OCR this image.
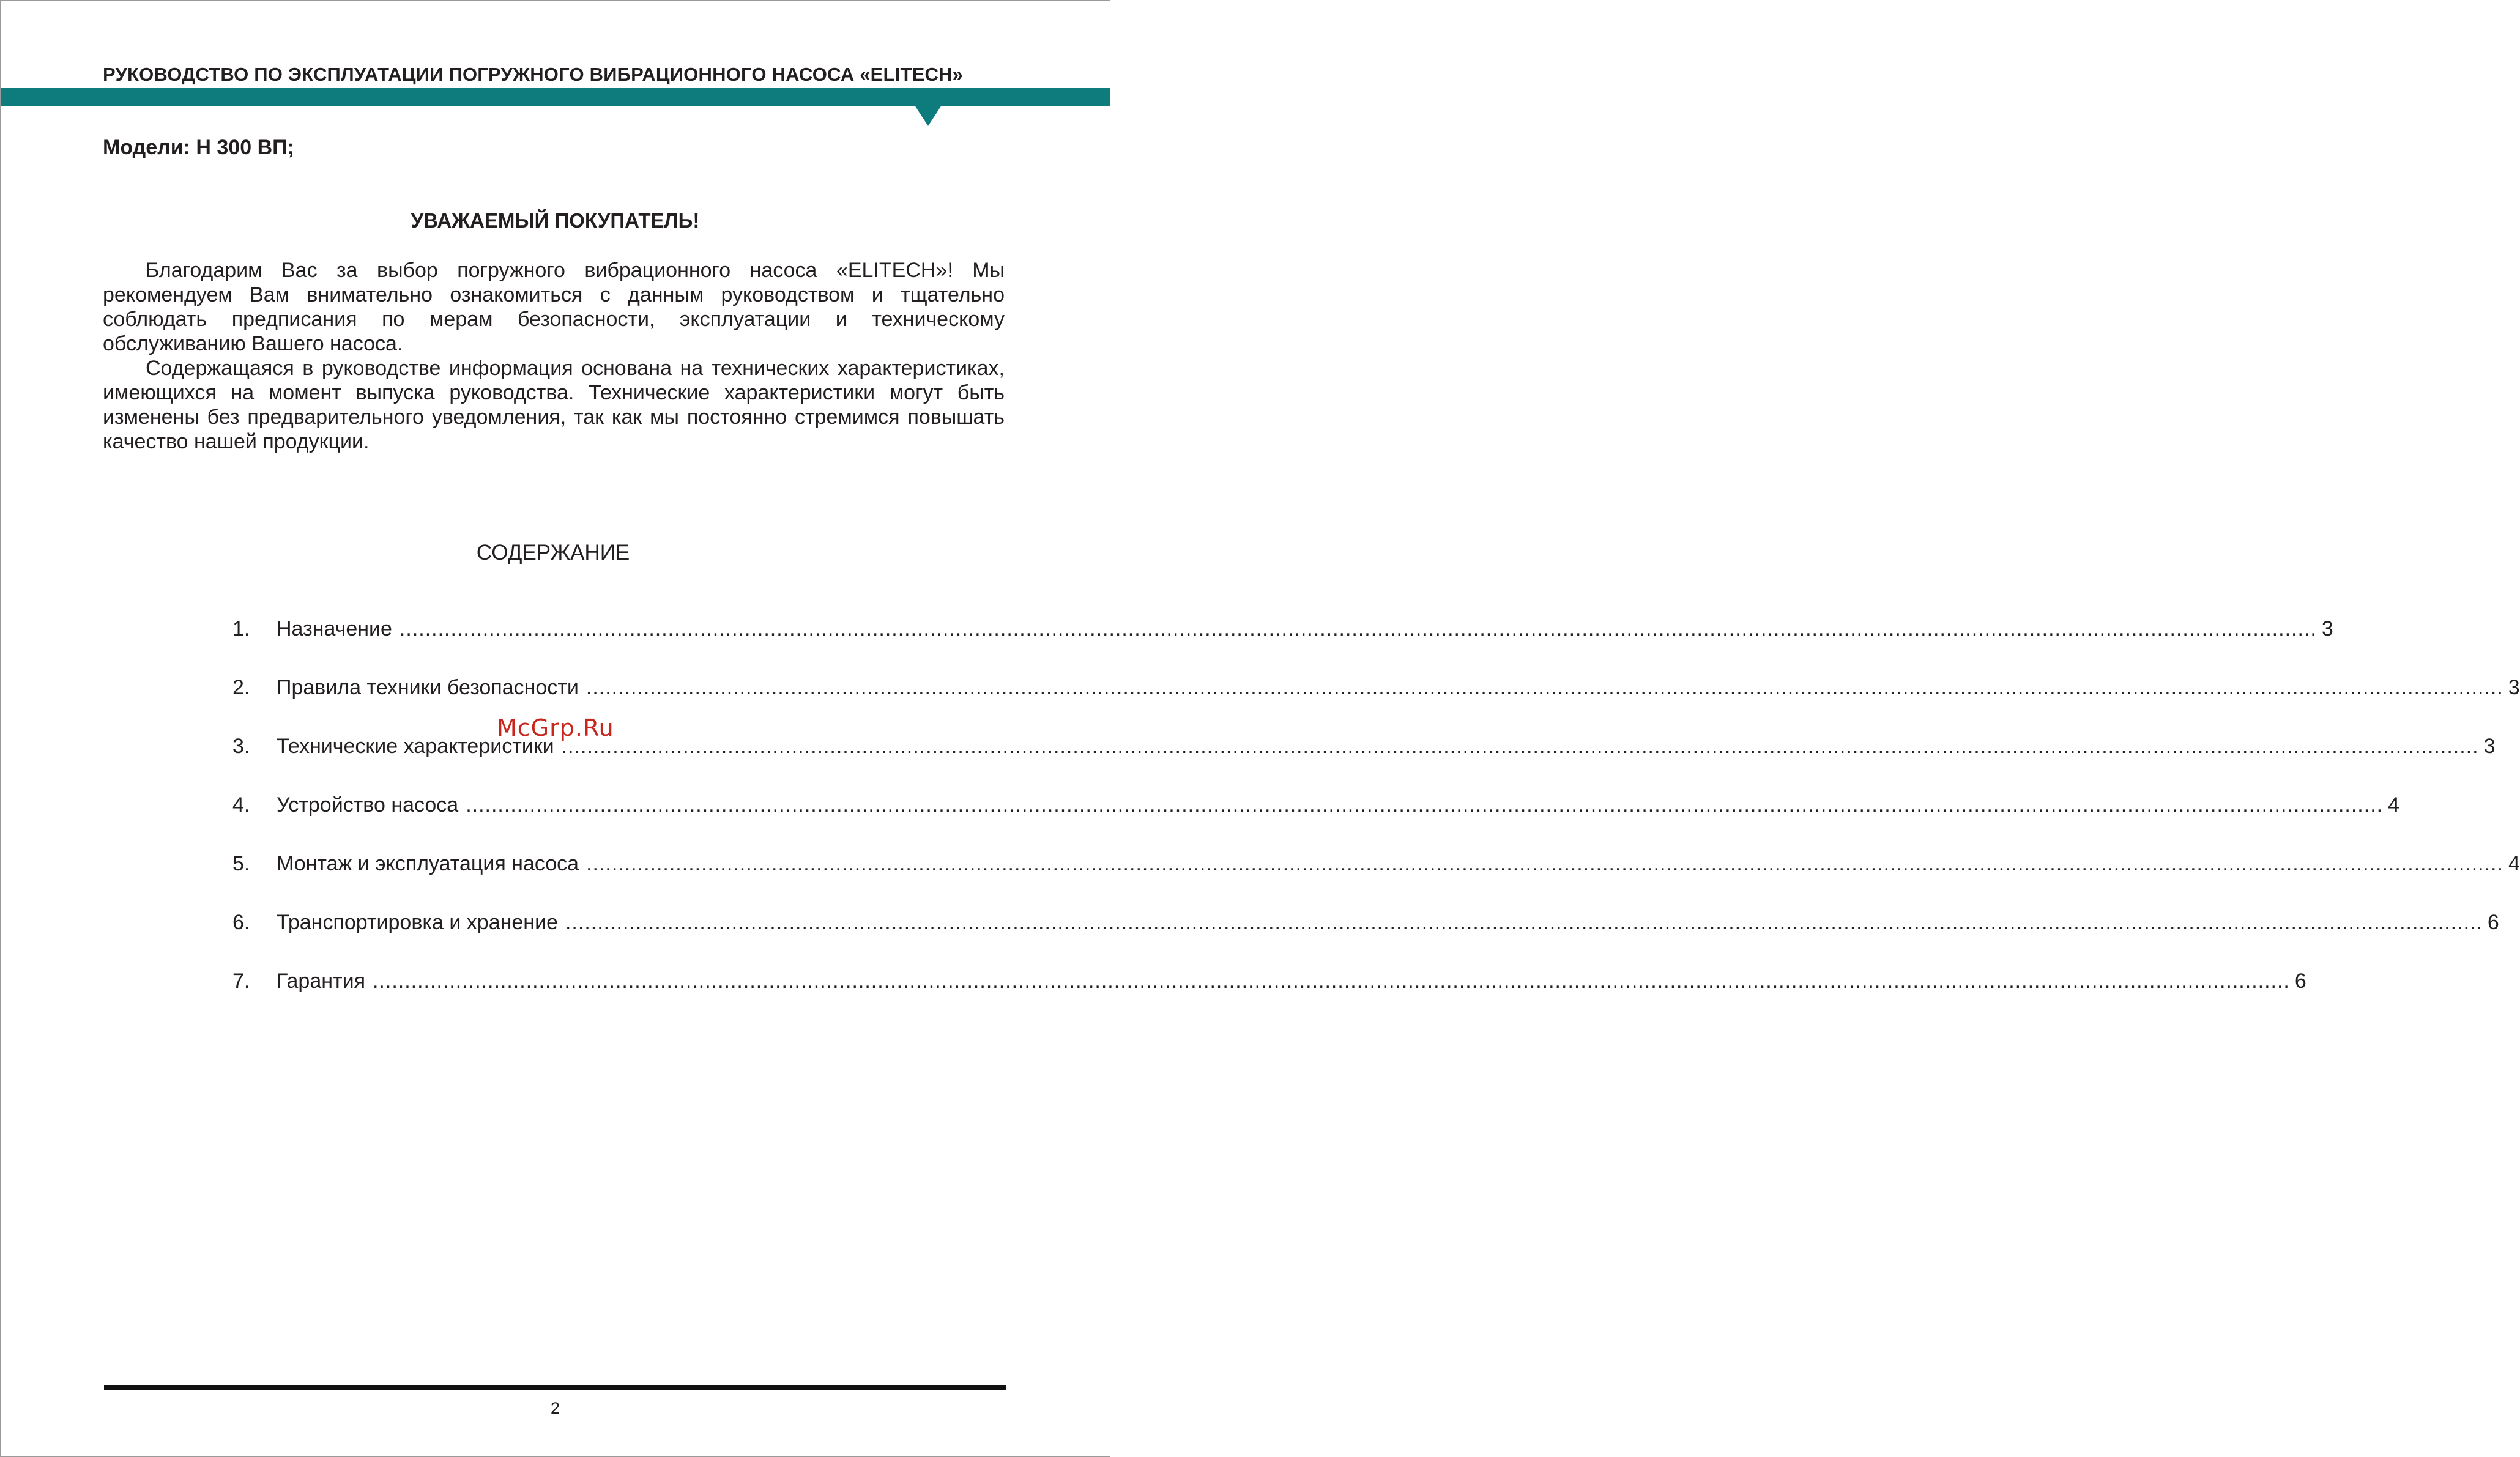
РУКОВОДСТВО ПО ЭКСПЛУАТАЦИИ ПОГРУЖНОГО ВИБРАЦИОННОГО НАСОСА «ELITECH»
Модели: Н 300 ВП;
УВАЖАЕМЫЙ ПОКУПАТЕЛЬ!

Благодарим Вас за выбор погружного вибрационного насоса «ELITECH»! Мы рекомендуем Вам внимательно ознакомиться с данным руководством и тщательно соблюдать предписания по мерам безопасности, эксплуатации и техническому обслуживанию Вашего насоса.

Содержащаяся в руководстве информация основана на технических характеристиках, имеющихся на момент выпуска руководства. Технические характеристики могут быть изменены без предварительного уведомления, так как мы постоянно стремимся повышать качество нашей продукции.

СОДЕРЖАНИЕ
1.	Назначение ............................................................................................................................................................................................................................................................................................................ 3
2.	Правила техники безопасности ............................................................................................................................................................................................................................................................................................................ 3
3.	Технические характеристики ............................................................................................................................................................................................................................................................................................................ 3
4.	Устройство насоса ............................................................................................................................................................................................................................................................................................................ 4
5.	Монтаж и эксплуатация насоса ............................................................................................................................................................................................................................................................................................................ 4
6.	Транспортировка и хранение ............................................................................................................................................................................................................................................................................................................ 6
7.	Гарантия ............................................................................................................................................................................................................................................................................................................ 6
McGrp.Ru
2
